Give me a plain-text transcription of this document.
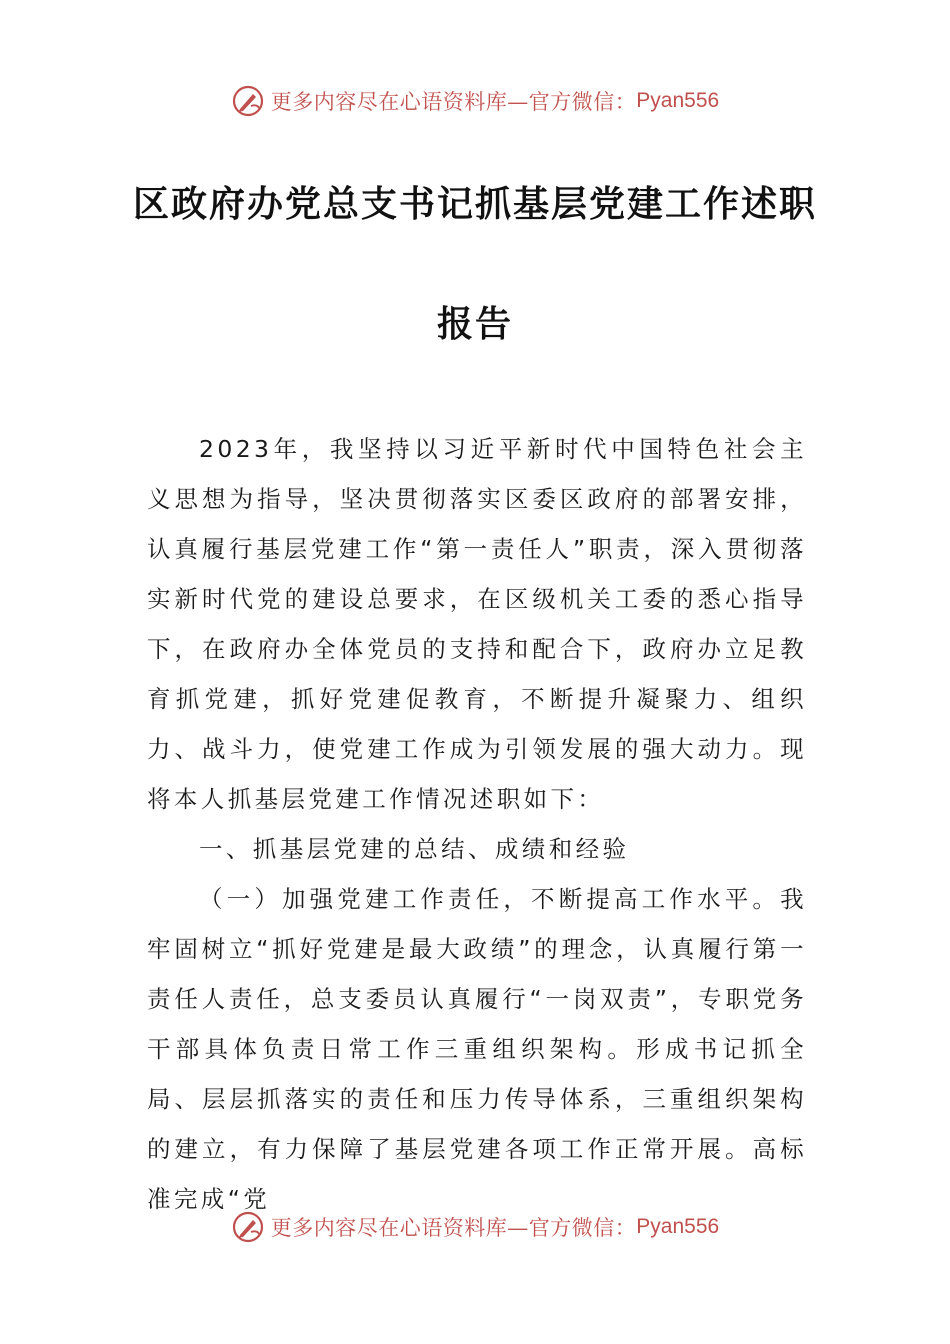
更多内容尽在心语资料库—官方微信： Pyan556
区政府办党总支书记抓基层党建工作述职
报告

2023年，我坚持以习近平新时代中国特色社会主义思想为指导，坚决贯彻落实区委区政府的部署安排，认真履行基层党建工作“第一责任人”职责，深入贯彻落实新时代党的建设总要求，在区级机关工委的悉心指导下，在政府办全体党员的支持和配合下，政府办立足教育抓党建，抓好党建促教育，不断提升凝聚力、组织力、战斗力，使党建工作成为引领发展的强大动力。现将本人抓基层党建工作情况述职如下：

一、抓基层党建的总结、成绩和经验

（一）加强党建工作责任，不断提高工作水平。我牢固树立“抓好党建是最大政绩”的理念，认真履行第一责任人责任，总支委员认真履行“一岗双责”，专职党务干部具体负责日常工作三重组织架构。形成书记抓全局、层层抓落实的责任和压力传导体系，三重组织架构的建立，有力保障了基层党建各项工作正常开展。高标准完成“党

更多内容尽在心语资料库—官方微信： Pyan556
